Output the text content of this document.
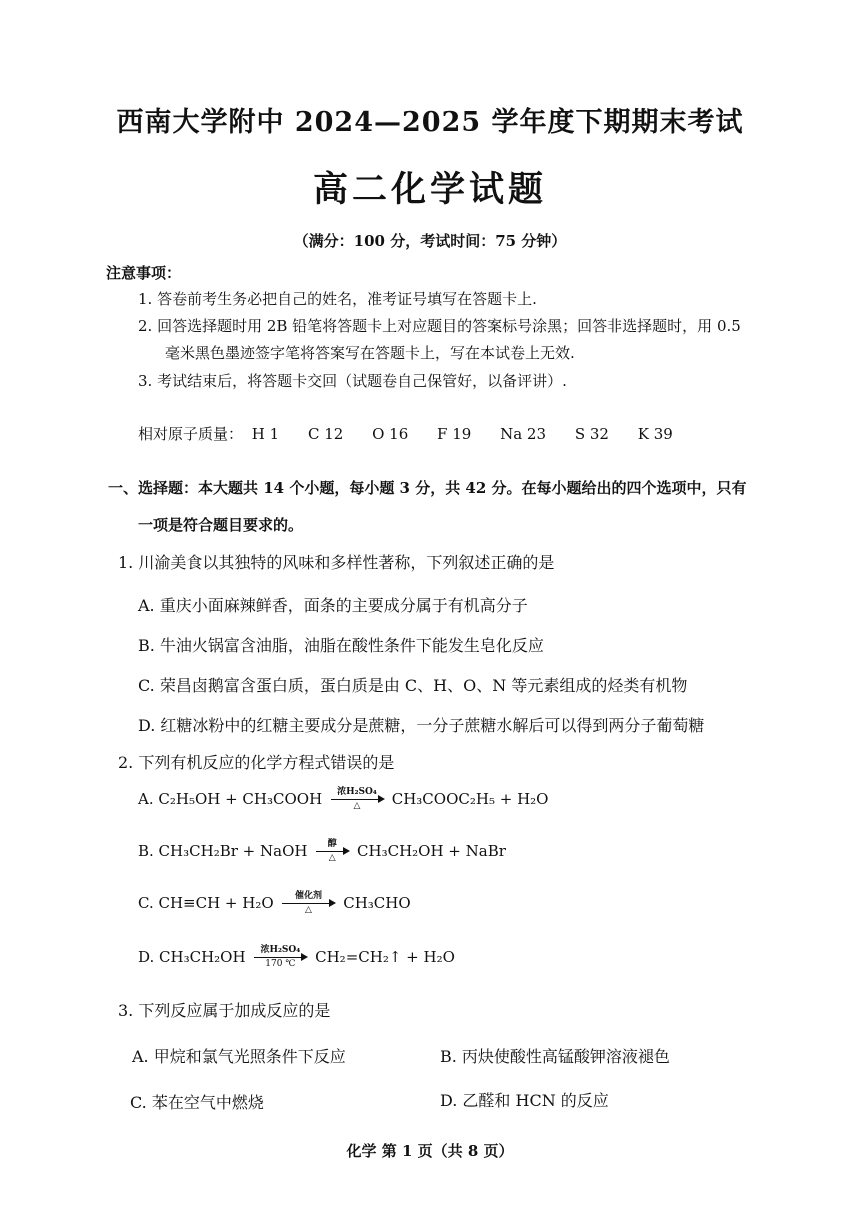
西南大学附中 2024—2025 学年度下期期末考试
高二化学试题
（满分：100 分，考试时间：75 分钟）
注意事项：
1. 答卷前考生务必把自己的姓名，准考证号填写在答题卡上.
2. 回答选择题时用 2B 铅笔将答题卡上对应题目的答案标号涂黑；回答非选择题时，用 0.5
毫米黑色墨迹签字笔将答案写在答题卡上，写在本试卷上无效.
3. 考试结束后，将答题卡交回（试题卷自己保管好，以备评讲）.
相对原子质量： H 1 C 12 O 16 F 19 Na 23 S 32 K 39
一、选择题：本大题共 14 个小题，每小题 3 分，共 42 分。在每小题给出的四个选项中，只有
一项是符合题目要求的。
1. 川渝美食以其独特的风味和多样性著称，下列叙述正确的是
A. 重庆小面麻辣鲜香，面条的主要成分属于有机高分子
B. 牛油火锅富含油脂，油脂在酸性条件下能发生皂化反应
C. 荣昌卤鹅富含蛋白质，蛋白质是由 C、H、O、N 等元素组成的烃类有机物
D. 红糖冰粉中的红糖主要成分是蔗糖，一分子蔗糖水解后可以得到两分子葡萄糖
2. 下列有机反应的化学方程式错误的是
A. C₂H₅OH + CH₃COOH	浓H₂SO₄
△	CH₃COOC₂H₅ + H₂O
B. CH₃CH₂Br + NaOH	醇
△	CH₃CH₂OH + NaBr
C. CH≡CH + H₂O	催化剂
△	CH₃CHO
D. CH₃CH₂OH	浓H₂SO₄
170 ℃	CH₂=CH₂↑ + H₂O
3. 下列反应属于加成反应的是
A. 甲烷和氯气光照条件下反应	B. 丙炔使酸性高锰酸钾溶液褪色
C. 苯在空气中燃烧	D. 乙醛和 HCN 的反应
化学 第 1 页（共 8 页）
